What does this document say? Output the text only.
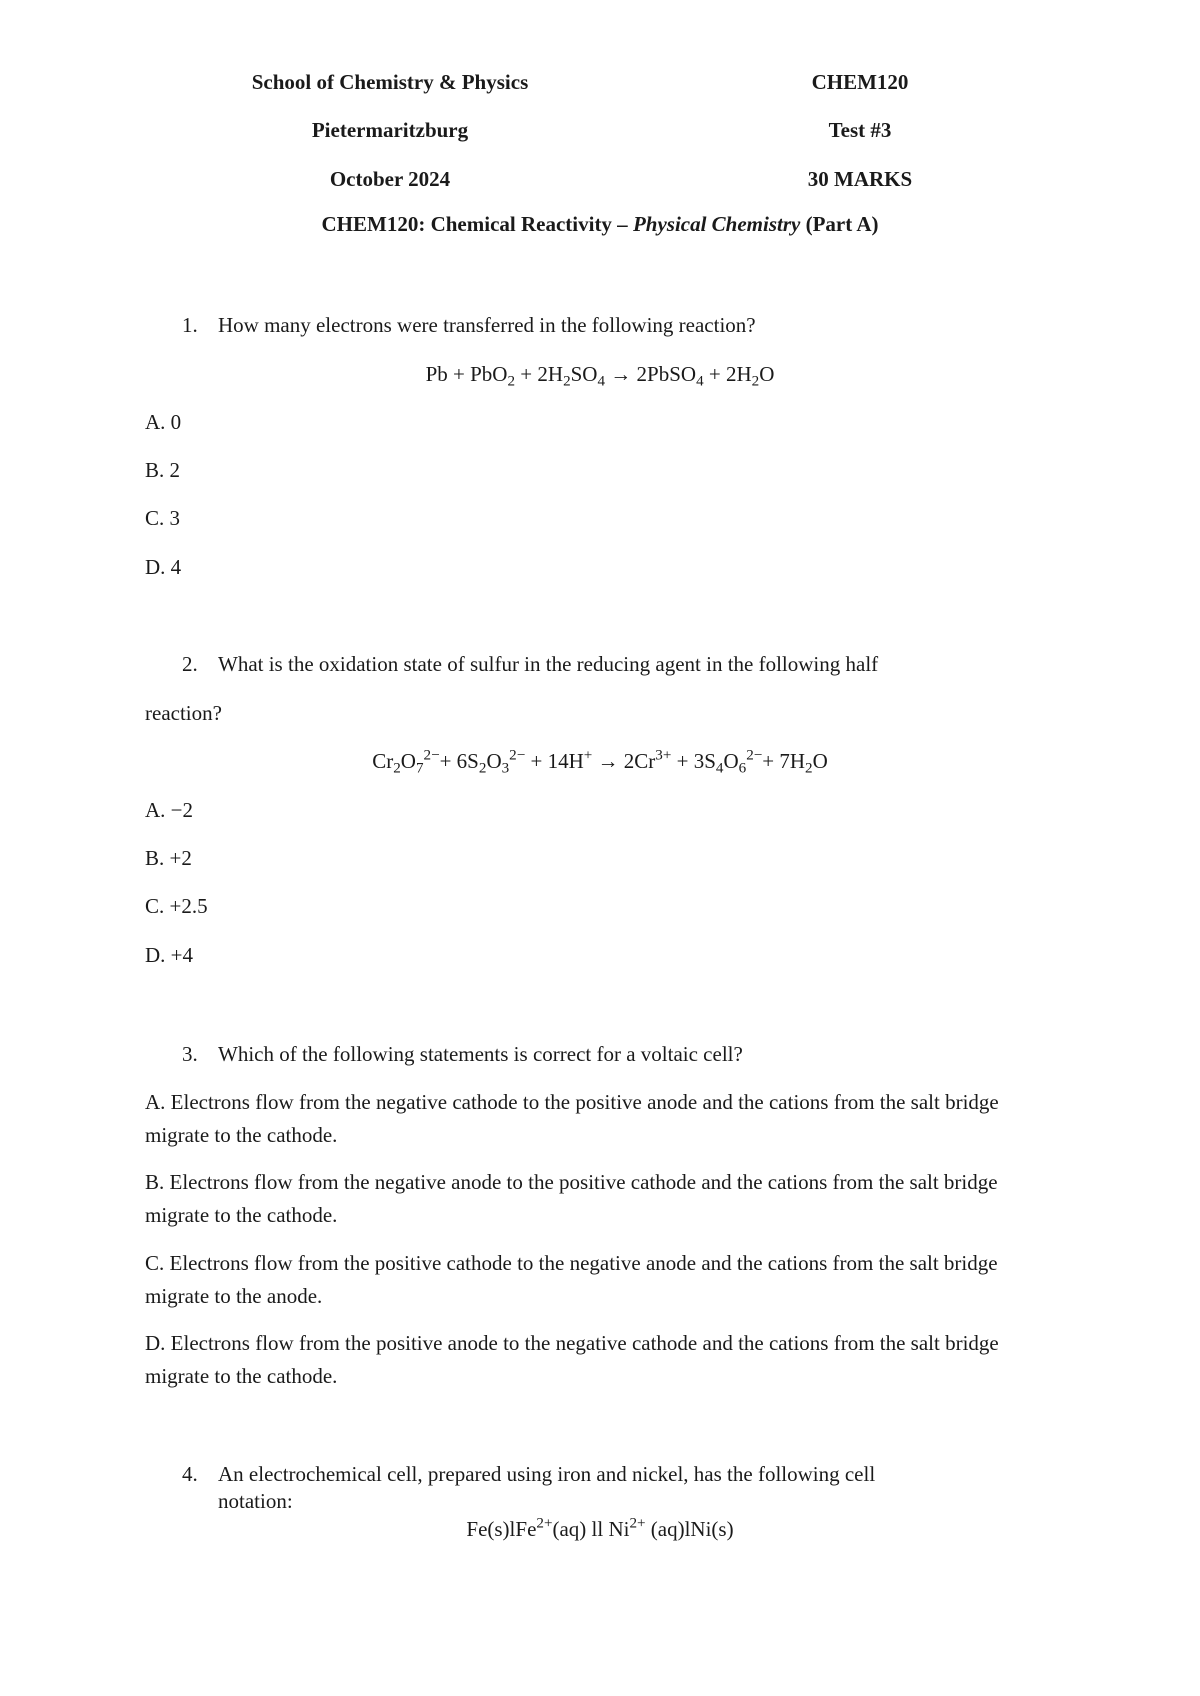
School of Chemistry & Physics	CHEM120
Pietermaritzburg	Test #3
October 2024	30 MARKS
CHEM120: Chemical Reactivity – Physical Chemistry (Part A)
1. How many electrons were transferred in the following reaction?
$Pb + PbO_2 + 2H_2SO_4$ → 2PbSO$_4$ + $2H_2O$
A. 0
B. 2
C. 3
D. 4
2. What is the oxidation state of sulfur in the reducing agent in the following half
reaction?
$Cr_2O_7^{2-}+ 6S_2O_3^{2-} + 14H^+ \to 2Cr^{3+} + 3S_4O_6^{2-}+ 7H_2O$
A. −2
B. +2
C. +2.5
D. +4
3. Which of the following statements is correct for a voltaic cell?
A. Electrons flow from the negative cathode to the positive anode and the cations from the salt bridge migrate to the cathode.
B. Electrons flow from the negative anode to the positive cathode and the cations from the salt bridge migrate to the cathode.
C. Electrons flow from the positive cathode to the negative anode and the cations from the salt bridge migrate to the anode.
D. Electrons flow from the positive anode to the negative cathode and the cations from the salt bridge migrate to the cathode.
4. An electrochemical cell, prepared using iron and nickel, has the following cell
notation:
Fe(s)lFe$^{2+}$(aq) ll $Ni^{2+}$ (aq)lNi(s)
